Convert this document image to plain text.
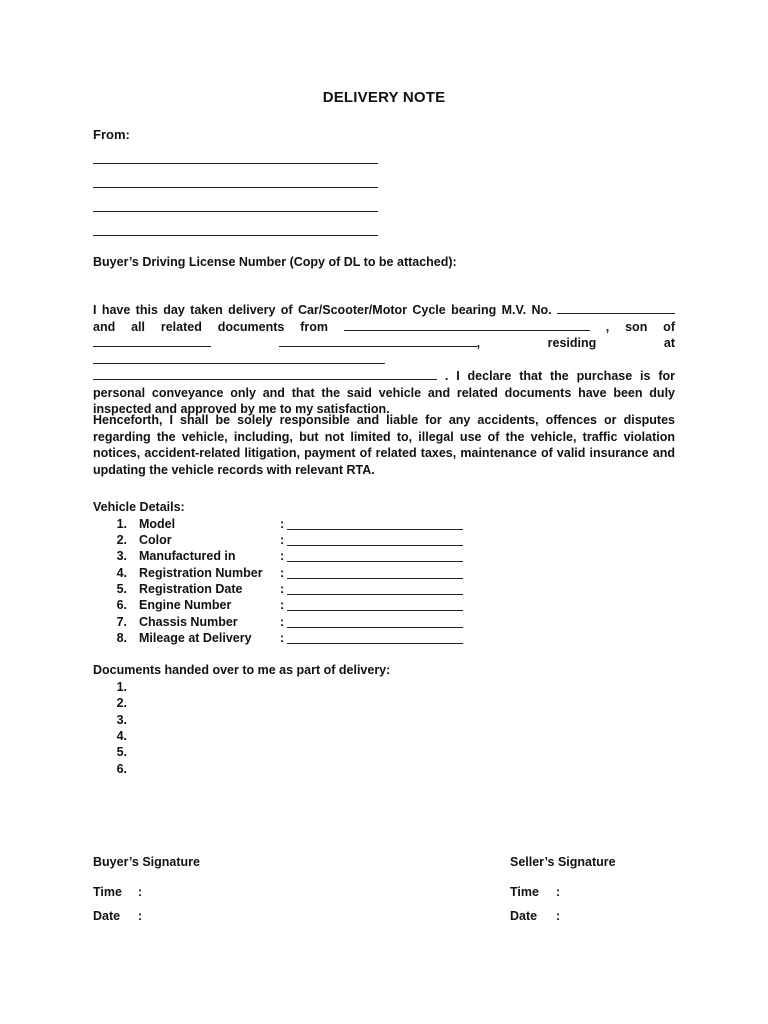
DELIVERY NOTE
From:
Buyer’s Driving License Number (Copy of DL to be attached):
I have this day taken delivery of Car/Scooter/Motor Cycle bearing M.V. No.  and all related documents from	, son of  , residing at   . I declare that the purchase is for personal conveyance only and that the said vehicle and related documents have been duly inspected and approved by me to my satisfaction.
Henceforth, I shall be solely responsible and liable for any accidents, offences or disputes regarding the vehicle, including, but not limited to, illegal use of the vehicle, traffic violation notices, accident-related litigation, payment of related taxes, maintenance of valid insurance and updating the vehicle records with relevant RTA.
Vehicle Details:
1. Model	:
2. Color	:
3. Manufactured in	:
4. Registration Number :
5. Registration Date	:
6. Engine Number	:
7. Chassis Number	:
8. Mileage at Delivery :
Documents handed over to me as part of delivery:
1.
2.
3.
4.
5.
6.
Buyer’s Signature
Time :
Date :
Seller’s Signature
Time :
Date :
